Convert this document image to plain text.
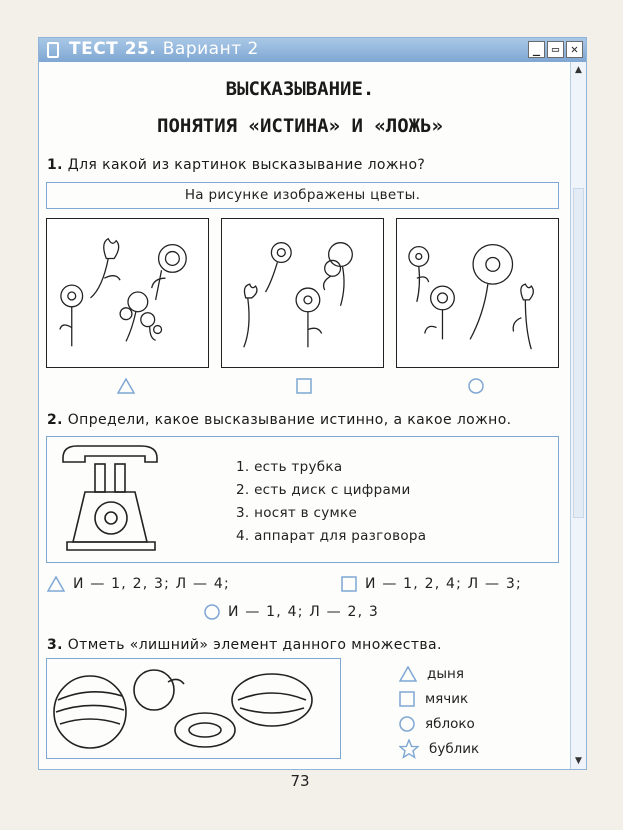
ТЕСТ 25. Вариант 2	_ ▭ ✕
▲
▼
ВЫСКАЗЫВАНИЕ.
ПОНЯТИЯ «ИСТИНА» И «ЛОЖЬ»
1. Для какой из картинок высказывание ложно?
На рисунке изображены цветы.
2. Определи, какое высказывание истинно, а какое ложно.
1. есть трубка
2. есть диск с цифрами
3. носят в сумке
4. аппарат для разговора
И — 1, 2, 3; Л — 4;	И — 1, 2, 4; Л — 3;
И — 1, 4; Л — 2, 3
3. Отметь «лишний» элемент данного множества.
дыня
мячик
яблоко
бублик
73
